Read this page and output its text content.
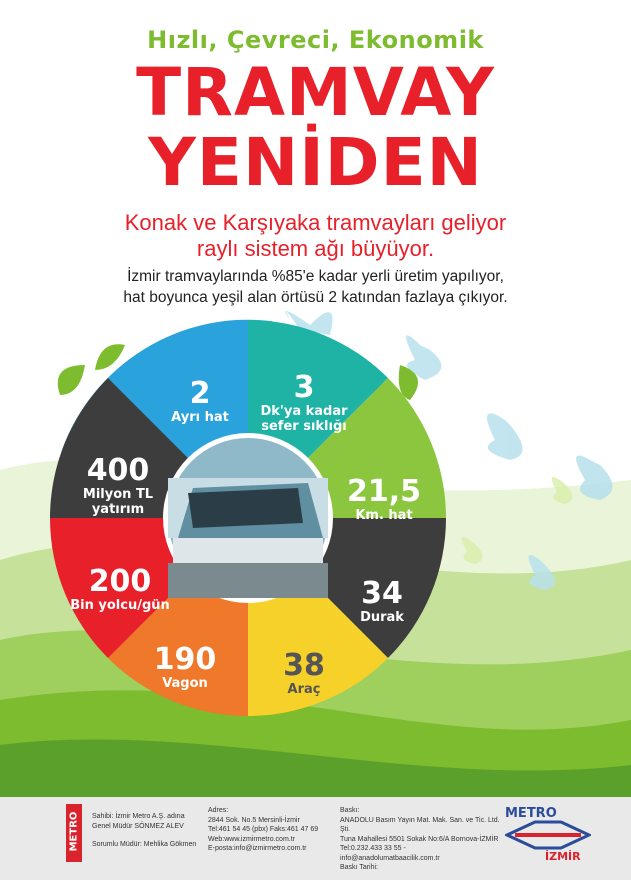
Hızlı, Çevreci, Ekonomik
TRAMVAY
YENİDEN
Konak ve Karşıyaka tramvayları geliyor
raylı sistem ağı büyüyor.
İzmir tramvaylarında %85'e kadar yerli üretim yapılıyor,
hat boyunca yeşil alan örtüsü 2 katından fazlaya çıkıyor.
2
Ayrı hat
3
Dk'ya kadar
sefer sıklığı
21,5
Km. hat
34
Durak
38
Araç
190
Vagon
200
Bin yolcu/gün
400
Milyon TL
yatırım
METRO Sahibi: İzmir Metro A.Ş. adına
Genel Müdür SÖNMEZ ALEV
Sorumlu Müdür: Mehlika Gökmen
Adres:
2844 Sok. No.5 Mersinli-İzmir
Tel:461 54 45 (pbx) Faks:461 47 69
Web:www.izmirmetro.com.tr
E-posta:info@izmirmetro.com.tr
Baskı:
ANADOLU Basım Yayın Mat. Mak. San. ve Tic. Ltd. Şti.
Tuna Mahallesi 5501 Sokak No:6/A Bornova-İZMİR
Tel:0.232.433 33 55 - info@anadolumatbaacilik.com.tr
Baskı Tarihi:
METRO
İZMİR
